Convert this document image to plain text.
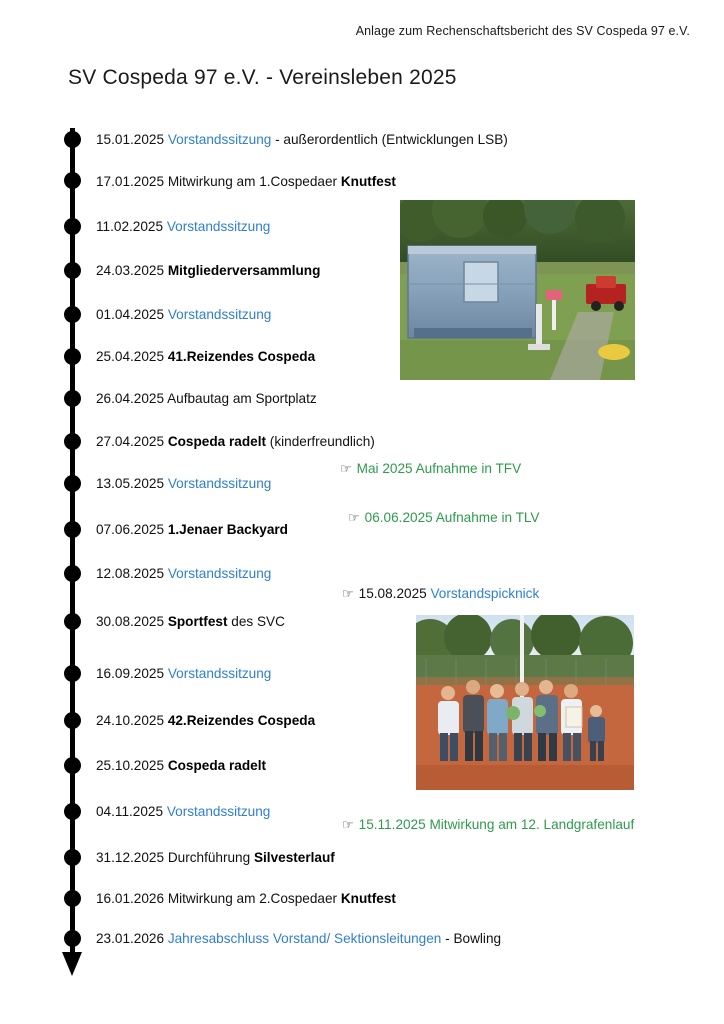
Anlage zum Rechenschaftsbericht des SV Cospeda 97 e.V.
SV Cospeda 97 e.V. - Vereinsleben 2025
15.01.2025 Vorstandssitzung - außerordentlich (Entwicklungen LSB)
17.01.2025 Mitwirkung am 1.Cospedaer Knutfest
11.02.2025 Vorstandssitzung
24.03.2025 Mitgliederversammlung
01.04.2025 Vorstandssitzung
25.04.2025 41.Reizendes Cospeda
26.04.2025 Aufbautag am Sportplatz
27.04.2025 Cospeda radelt (kinderfreundlich)
13.05.2025 Vorstandssitzung
07.06.2025 1.Jenaer Backyard
12.08.2025 Vorstandssitzung
30.08.2025 Sportfest des SVC
16.09.2025 Vorstandssitzung
24.10.2025 42.Reizendes Cospeda
25.10.2025 Cospeda radelt
04.11.2025 Vorstandssitzung
31.12.2025 Durchführung Silvesterlauf
16.01.2026 Mitwirkung am 2.Cospedaer Knutfest
23.01.2026 Jahresabschluss Vorstand/ Sektionsleitungen - Bowling
☞ Mai 2025 Aufnahme in TFV
☞ 06.06.2025 Aufnahme in TLV
☞ 15.08.2025 Vorstandspicknick
☞ 15.11.2025 Mitwirkung am 12. Landgrafenlauf
